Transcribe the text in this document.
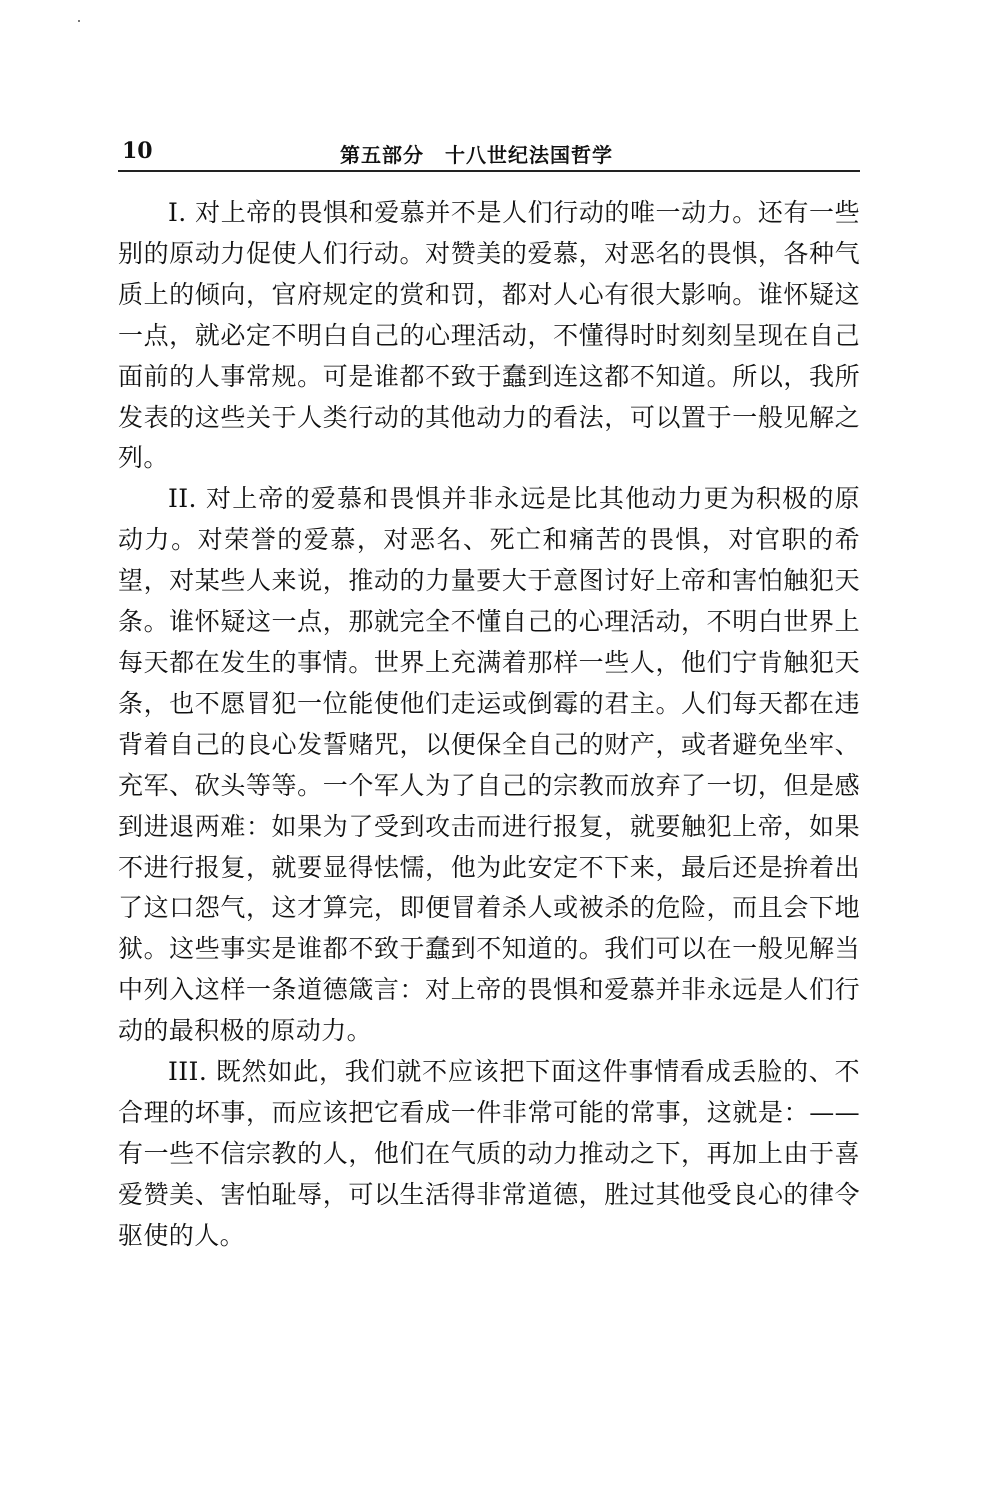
10	第五部分　十八世纪法国哲学

I. 对上帝的畏惧和爱慕并不是人们行动的唯一动力。还有一些别的原动力促使人们行动。对赞美的爱慕，对恶名的畏惧，各种气质上的倾向，官府规定的赏和罚，都对人心有很大影响。谁怀疑这一点，就必定不明白自己的心理活动，不懂得时时刻刻呈现在自己面前的人事常规。可是谁都不致于蠢到连这都不知道。所以，我所发表的这些关于人类行动的其他动力的看法，可以置于一般见解之列。

II. 对上帝的爱慕和畏惧并非永远是比其他动力更为积极的原动力。对荣誉的爱慕，对恶名、死亡和痛苦的畏惧，对官职的希望，对某些人来说，推动的力量要大于意图讨好上帝和害怕触犯天条。谁怀疑这一点，那就完全不懂自己的心理活动，不明白世界上每天都在发生的事情。世界上充满着那样一些人，他们宁肯触犯天条，也不愿冒犯一位能使他们走运或倒霉的君主。人们每天都在违背着自己的良心发誓赌咒，以便保全自己的财产，或者避免坐牢、充军、砍头等等。一个军人为了自己的宗教而放弃了一切，但是感到进退两难：如果为了受到攻击而进行报复，就要触犯上帝，如果不进行报复，就要显得怯懦，他为此安定不下来，最后还是拚着出了这口怨气，这才算完，即便冒着杀人或被杀的危险，而且会下地狱。这些事实是谁都不致于蠢到不知道的。我们可以在一般见解当中列入这样一条道德箴言：对上帝的畏惧和爱慕并非永远是人们行动的最积极的原动力。

III. 既然如此，我们就不应该把下面这件事情看成丢脸的、不合理的坏事，而应该把它看成一件非常可能的常事，这就是：——有一些不信宗教的人，他们在气质的动力推动之下，再加上由于喜爱赞美、害怕耻辱，可以生活得非常道德，胜过其他受良心的律令驱使的人。
